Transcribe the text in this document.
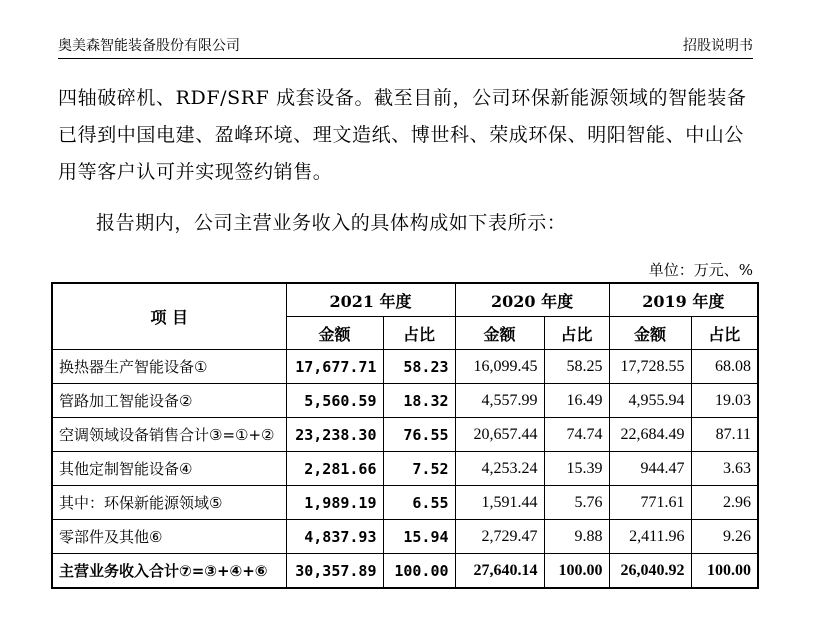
奥美森智能装备股份有限公司	招股说明书
四轴破碎机、RDF/SRF 成套设备。截至目前，公司环保新能源领域的智能装备已得到中国电建、盈峰环境、理文造纸、博世科、荣成环保、明阳智能、中山公用等客户认可并实现签约销售。
报告期内，公司主营业务收入的具体构成如下表所示：
单位：万元、%
项 目	2021 年度		2020 年度		2019 年度	
	金额	占比	金额	占比	金额	占比
换热器生产智能设备①	17,677.71	58.23	16,099.45	58.25	17,728.55	68.08
管路加工智能设备②	5,560.59	18.32	4,557.99	16.49	4,955.94	19.03
空调领域设备销售合计③=①+②	23,238.30	76.55	20,657.44	74.74	22,684.49	87.11
其他定制智能设备④	2,281.66	7.52	4,253.24	15.39	944.47	3.63
其中：环保新能源领域⑤	1,989.19	6.55	1,591.44	5.76	771.61	2.96
零部件及其他⑥	4,837.93	15.94	2,729.47	9.88	2,411.96	9.26
主营业务收入合计⑦=③+④+⑥	30,357.89	100.00	27,640.14	100.00	26,040.92	100.00
